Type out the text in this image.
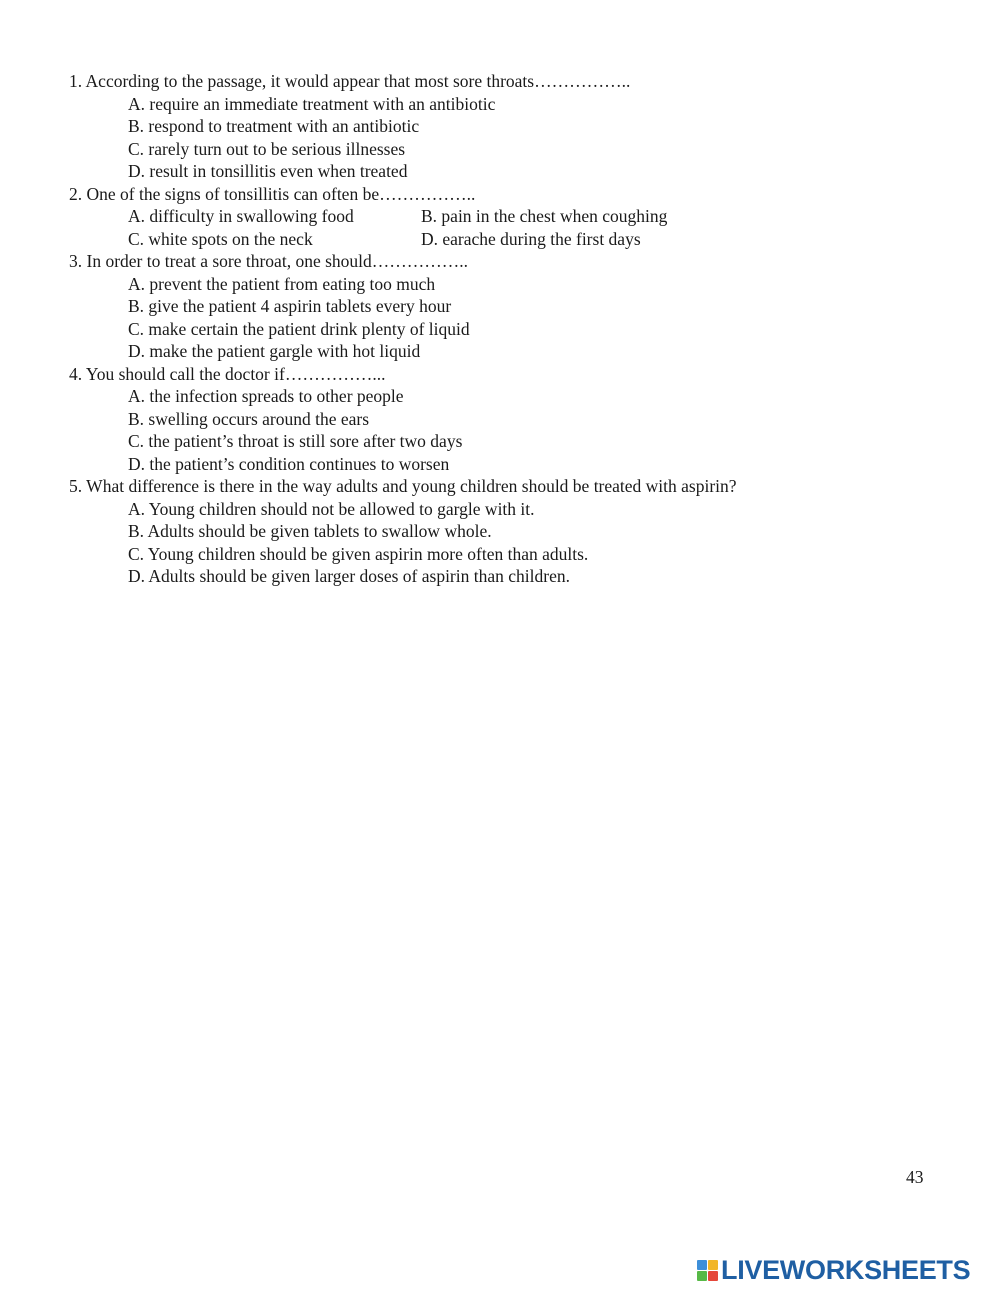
1. According to the passage, it would appear that most sore throats……………..
A. require an immediate treatment with an antibiotic
B. respond to treatment with an antibiotic
C. rarely turn out to be serious illnesses
D. result in tonsillitis even when treated
2. One of the signs of tonsillitis can often be……………..
A. difficulty in swallowing food	B. pain in the chest when coughing
C. white spots on the neck	D. earache during the first days
3. In order to treat a sore throat, one should……………..
A. prevent the patient from eating too much
B. give the patient 4 aspirin tablets every hour
C. make certain the patient drink plenty of liquid
D. make the patient gargle with hot liquid
4. You should call the doctor if……………...
A. the infection spreads to other people
B. swelling occurs around the ears
C. the patient’s throat is still sore after two days
D. the patient’s condition continues to worsen
5. What difference is there in the way adults and young children should be treated with aspirin?
A. Young children should not be allowed to gargle with it.
B. Adults should be given tablets to swallow whole.
C. Young children should be given aspirin more often than adults.
D. Adults should be given larger doses of aspirin than children.
43
LIVEWORKSHEETS
